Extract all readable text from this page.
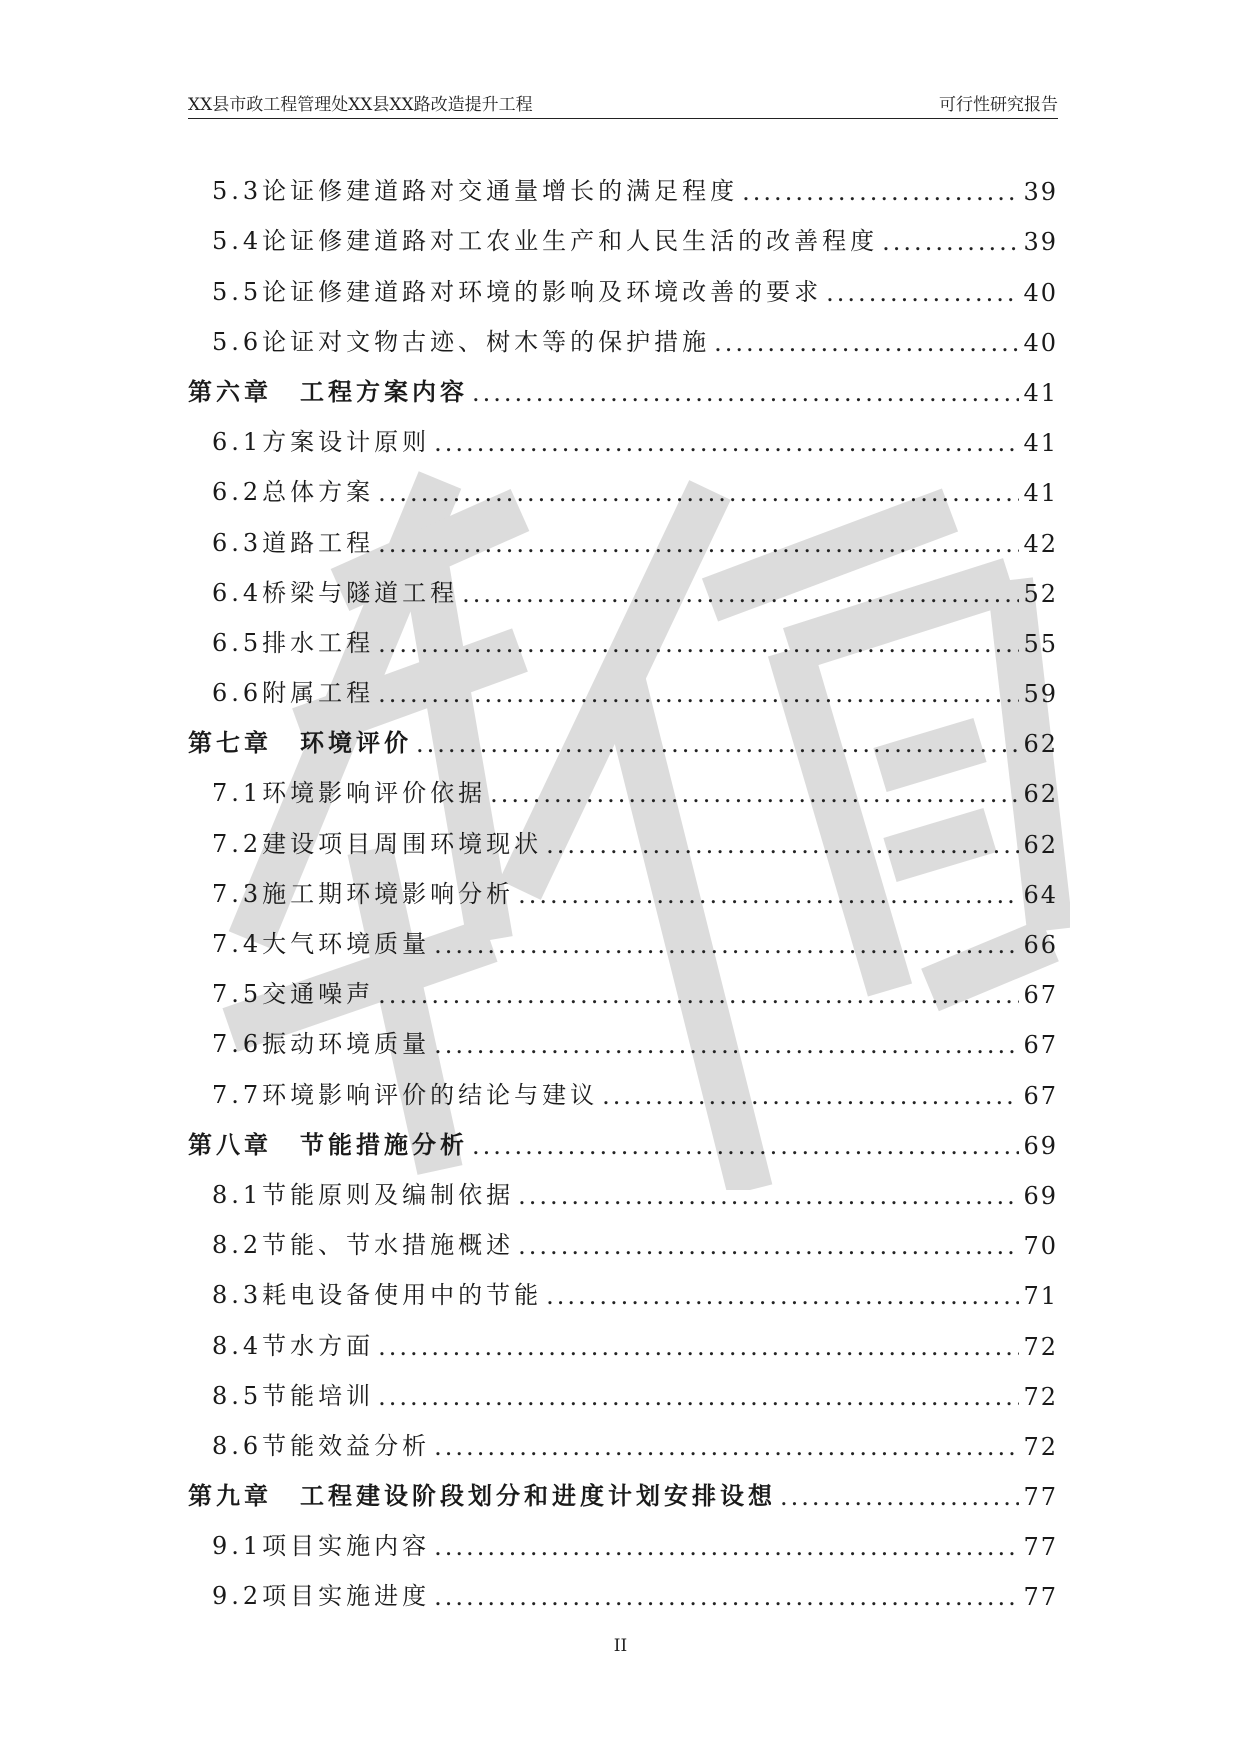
XX县市政工程管理处XX县XX路改造提升工程	可行性研究报告
5.3论证修建道路对交通量增长的满足程度 .....	39
5.4论证修建道路对工农业生产和人民生活的改善程度 .....	39
5.5论证修建道路对环境的影响及环境改善的要求 .....	40
5.6论证对文物古迹、树木等的保护措施 .....	40
第六章　工程方案内容 .....	41
6.1方案设计原则 .....	41
6.2总体方案 .....	41
6.3道路工程 .....	42
6.4桥梁与隧道工程 .....	52
6.5排水工程 .....	55
6.6附属工程 .....	59
第七章　环境评价 .....	62
7.1环境影响评价依据 .....	62
7.2建设项目周围环境现状 .....	62
7.3施工期环境影响分析 .....	64
7.4大气环境质量 .....	66
7.5交通噪声 .....	67
7.6振动环境质量 .....	67
7.7环境影响评价的结论与建议 .....	67
第八章　节能措施分析 .....	69
8.1节能原则及编制依据 .....	69
8.2节能、节水措施概述 .....	70
8.3耗电设备使用中的节能 .....	71
8.4节水方面 .....	72
8.5节能培训 .....	72
8.6节能效益分析 .....	72
第九章　工程建设阶段划分和进度计划安排设想 .....	77
9.1项目实施内容 .....	77
9.2项目实施进度 .....	77
II
